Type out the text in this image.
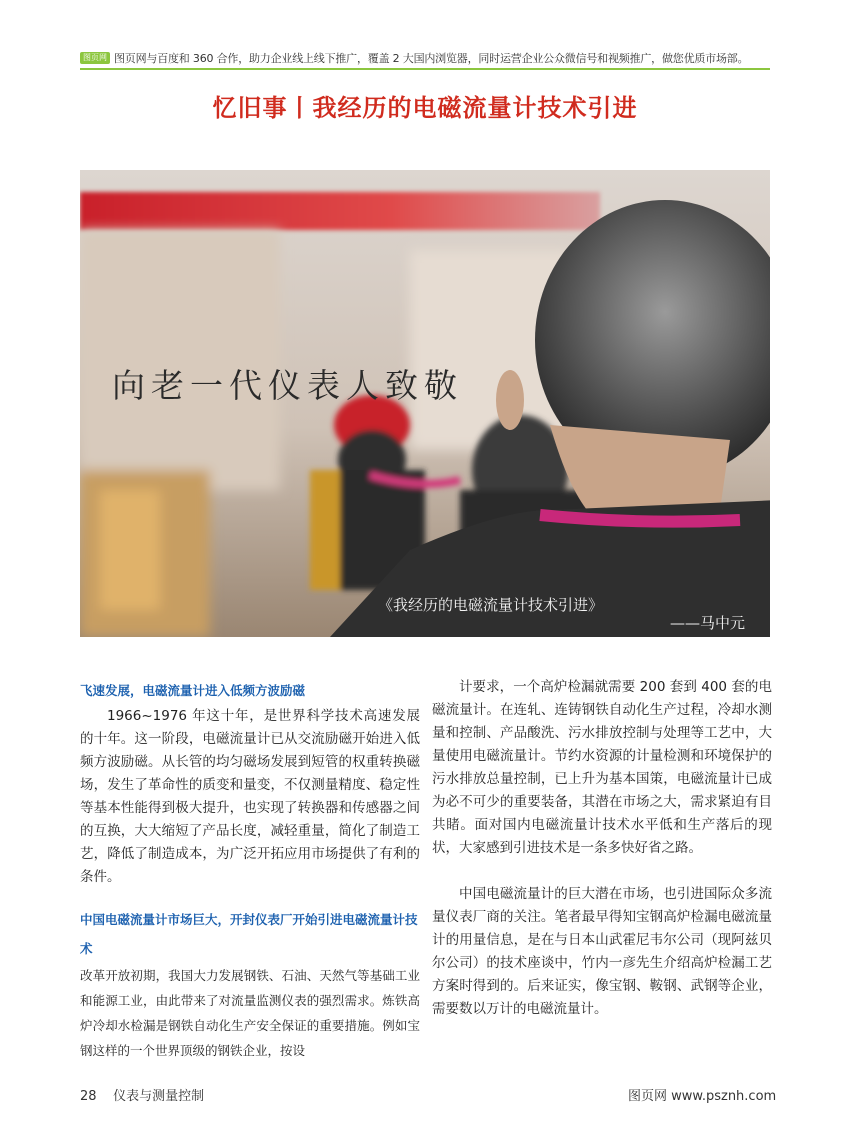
图页网 图页网与百度和 360 合作，助力企业线上线下推广，覆盖 2 大国内浏览器，同时运营企业公众微信号和视频推广，做您优质市场部。
忆旧事丨我经历的电磁流量计技术引进
向老一代仪表人致敬
《我经历的电磁流量计技术引进》
——马中元
飞速发展，电磁流量计进入低频方波励磁

1966~1976 年这十年，是世界科学技术高速发展的十年。这一阶段，电磁流量计已从交流励磁开始进入低频方波励磁。从长管的均匀磁场发展到短管的权重转换磁场，发生了革命性的质变和量变，不仅测量精度、稳定性等基本性能得到极大提升，也实现了转换器和传感器之间的互换，大大缩短了产品长度，减轻重量，简化了制造工艺，降低了制造成本，为广泛开拓应用市场提供了有利的条件。

中国电磁流量计市场巨大，开封仪表厂开始引进电磁流量计技术

改革开放初期，我国大力发展钢铁、石油、天然气等基础工业和能源工业，由此带来了对流量监测仪表的强烈需求。炼铁高炉冷却水检漏是钢铁自动化生产安全保证的重要措施。例如宝钢这样的一个世界顶级的钢铁企业，按设

计要求，一个高炉检漏就需要 200 套到 400 套的电磁流量计。在连轧、连铸钢铁自动化生产过程，冷却水测量和控制、产品酸洗、污水排放控制与处理等工艺中，大量使用电磁流量计。节约水资源的计量检测和环境保护的污水排放总量控制，已上升为基本国策，电磁流量计已成为必不可少的重要装备，其潜在市场之大，需求紧迫有目共睹。面对国内电磁流量计技术水平低和生产落后的现状，大家感到引进技术是一条多快好省之路。

中国电磁流量计的巨大潜在市场，也引进国际众多流量仪表厂商的关注。笔者最早得知宝钢高炉检漏电磁流量计的用量信息，是在与日本山武霍尼韦尔公司（现阿兹贝尔公司）的技术座谈中，竹内一彦先生介绍高炉检漏工艺方案时得到的。后来证实，像宝钢、鞍钢、武钢等企业，需要数以万计的电磁流量计。

28 仪表与测量控制	图页网 www.psznh.com
